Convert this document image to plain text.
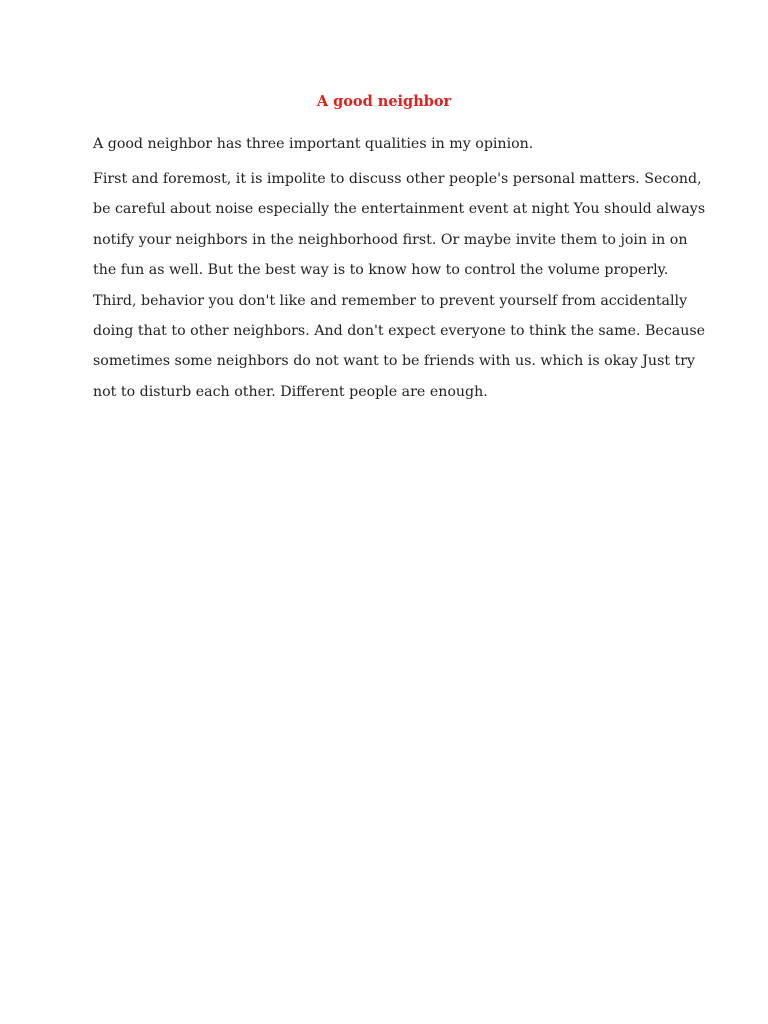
A good neighbor

A good neighbor has three important qualities in my opinion.

First and foremost, it is impolite to discuss other people's personal matters. Second,
be careful about noise especially the entertainment event at night You should always
notify your neighbors in the neighborhood first. Or maybe invite them to join in on
the fun as well. But the best way is to know how to control the volume properly.
Third, behavior you don't like and remember to prevent yourself from accidentally
doing that to other neighbors. And don't expect everyone to think the same. Because
sometimes some neighbors do not want to be friends with us. which is okay Just try
not to disturb each other. Different people are enough.
